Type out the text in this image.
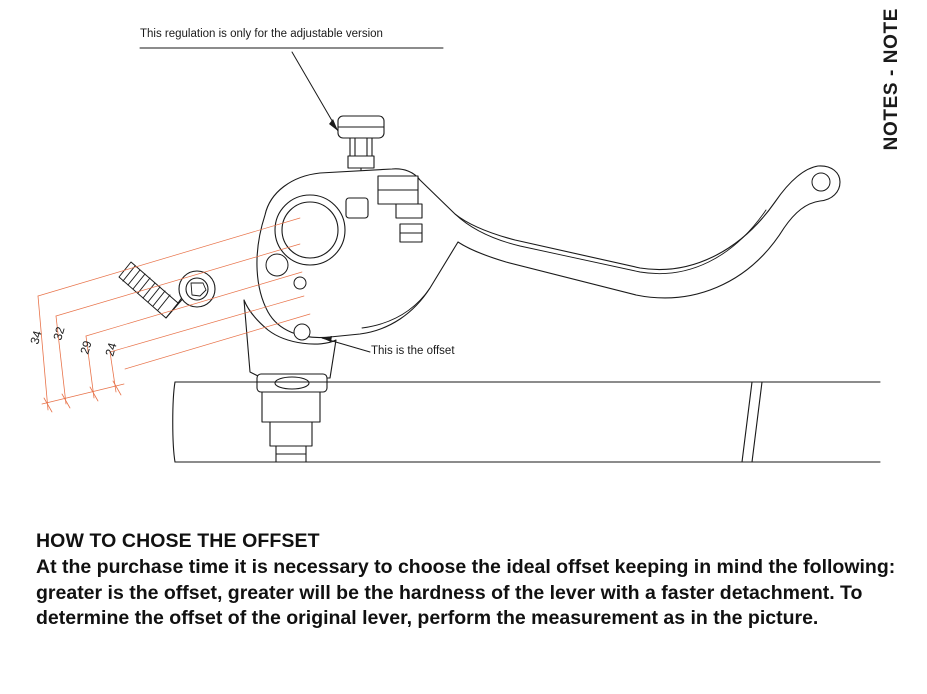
NOTES - NOTE
34 32
29 24
This regulation is only for the adjustable version
This is the offset
HOW TO CHOSE THE OFFSET

At the purchase time it is necessary to choose the ideal offset keeping in mind the following: greater is the offset, greater will be the hardness of the lever with a faster detachment. To determine the offset of the original lever, perform the measurement as in the picture.
